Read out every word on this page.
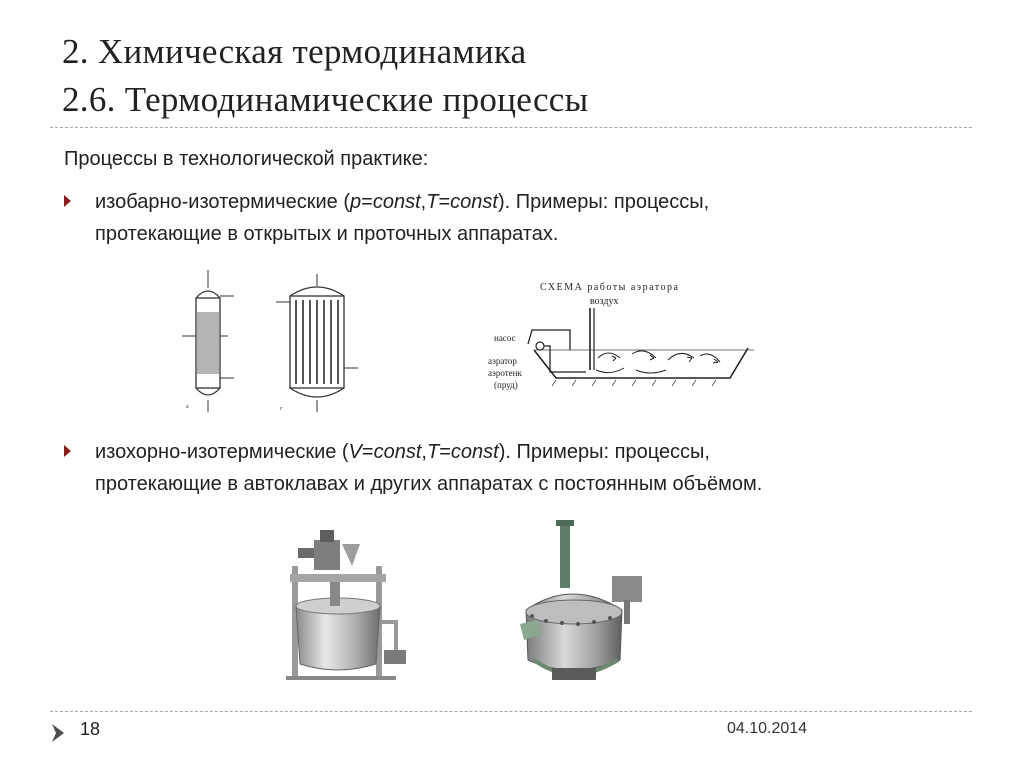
2. Химическая термодинамика
2.6. Термодинамические процессы
Процессы в технологической практике:
изобарно-изотермические (p=const,T=const). Примеры: процессы,
протекающие в открытых и проточных аппаратах.
а	г
СХЕМА работы аэратора
воздух
насос
аэратор
аэротенк
(пруд)
изохорно-изотермические (V=const,T=const). Примеры: процессы,
протекающие в автоклавах и других аппаратах с постоянным объёмом.
18	04.10.2014
